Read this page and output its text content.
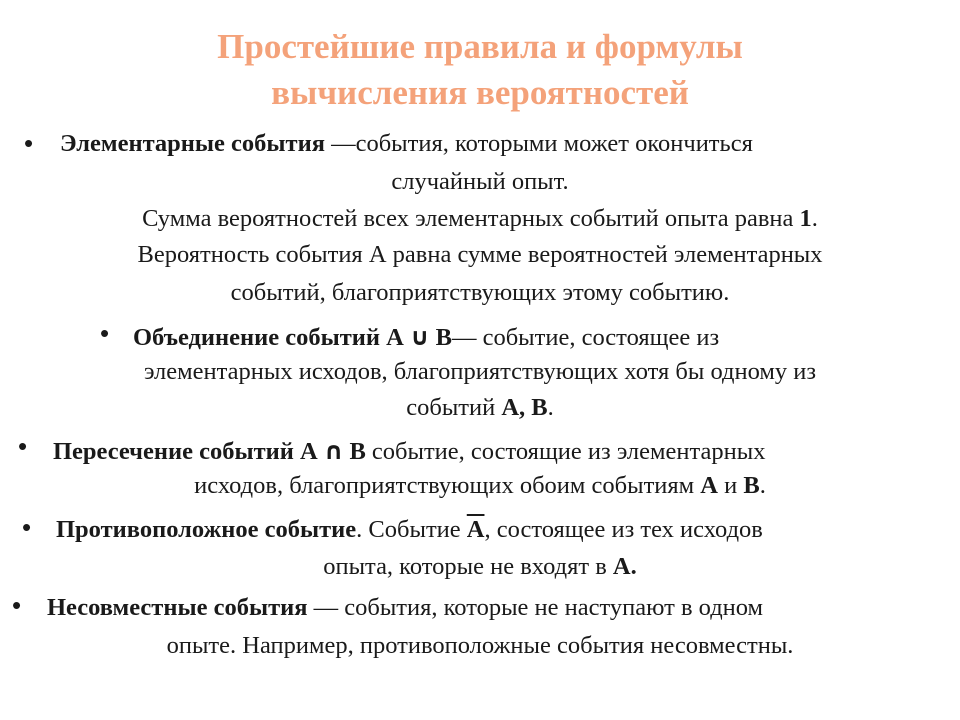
Простейшие правила и формулы
вычисления вероятностей
• Элементарные события —события, которыми может окончиться
случайный опыт.
Сумма вероятностей всех элементарных событий опыта равна 1.
Вероятность события А равна сумме вероятностей элементарных
событий, благоприятствующих этому событию.
• Объединение событий А ∪ В— событие, состоящее из
элементарных исходов, благоприятствующих хотя бы одному из
событий А, В.
• Пересечение событий А ∩ В событие, состоящие из элементарных
исходов, благоприятствующих обоим событиям А и В.
• Противоположное событие. Событие $\overline{A}$, состоящее из тех исходов
опыта, которые не входят в А.
• Несовместные события — события, которые не наступают в одном
опыте. Например, противоположные события несовместны.
